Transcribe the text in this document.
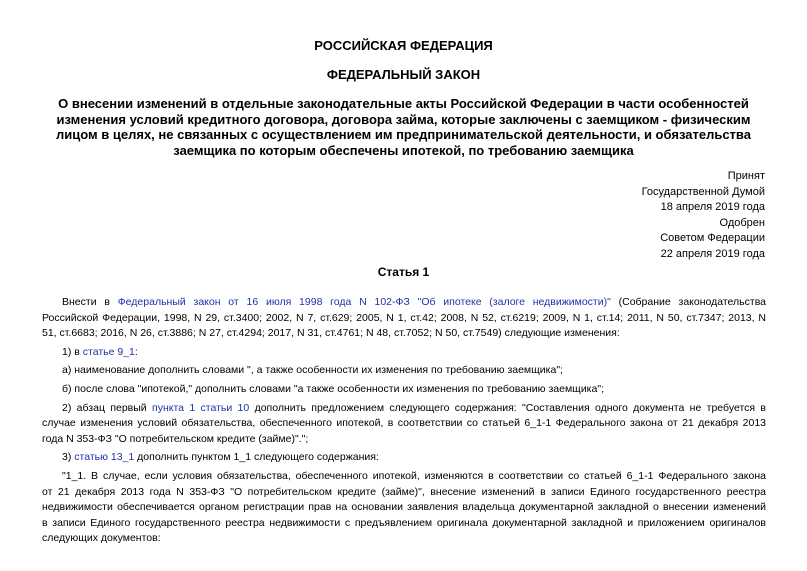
РОССИЙСКАЯ ФЕДЕРАЦИЯ
ФЕДЕРАЛЬНЫЙ ЗАКОН
О внесении изменений в отдельные законодательные акты Российской Федерации в части особенностей
изменения условий кредитного договора, договора займа, которые заключены с заемщиком - физическим
лицом в целях, не связанных с осуществлением им предпринимательской деятельности, и обязательства
заемщика по которым обеспечены ипотекой, по требованию заемщика
Принят
Государственной Думой
18 апреля 2019 года
Одобрен
Советом Федерации
22 апреля 2019 года
Статья 1

Внести в Федеральный закон от 16 июля 1998 года N 102-ФЗ "Об ипотеке (залоге недвижимости)" (Собрание законодательства
Российской Федерации, 1998, N 29, ст.3400; 2002, N 7, ст.629; 2005, N 1, ст.42; 2008, N 52, ст.6219; 2009, N 1, ст.14; 2011, N 50, ст.7347; 2013, N
51, ст.6683; 2016, N 26, ст.3886; N 27, ст.4294; 2017, N 31, ст.4761; N 48, ст.7052; N 50, ст.7549) следующие изменения:

1) в статье 9_1:

а) наименование дополнить словами ", а также особенности их изменения по требованию заемщика";

б) после слова "ипотекой," дополнить словами "а также особенности их изменения по требованию заемщика";

2) абзац первый пункта 1 статьи 10 дополнить предложением следующего содержания: "Составления одного документа не требуется в
случае изменения условий обязательства, обеспеченного ипотекой, в соответствии со статьей 6_1-1 Федерального закона от 21 декабря 2013
года N 353-ФЗ "О потребительском кредите (займе)".";

3) статью 13_1 дополнить пунктом 1_1 следующего содержания:

"1_1. В случае, если условия обязательства, обеспеченного ипотекой, изменяются в соответствии со статьей 6_1-1 Федерального закона
от 21 декабря 2013 года N 353-ФЗ "О потребительском кредите (займе)", внесение изменений в записи Единого государственного реестра
недвижимости обеспечивается органом регистрации прав на основании заявления владельца документарной закладной о внесении изменений
в записи Единого государственного реестра недвижимости с предъявлением оригинала документарной закладной и приложением оригиналов
следующих документов:
